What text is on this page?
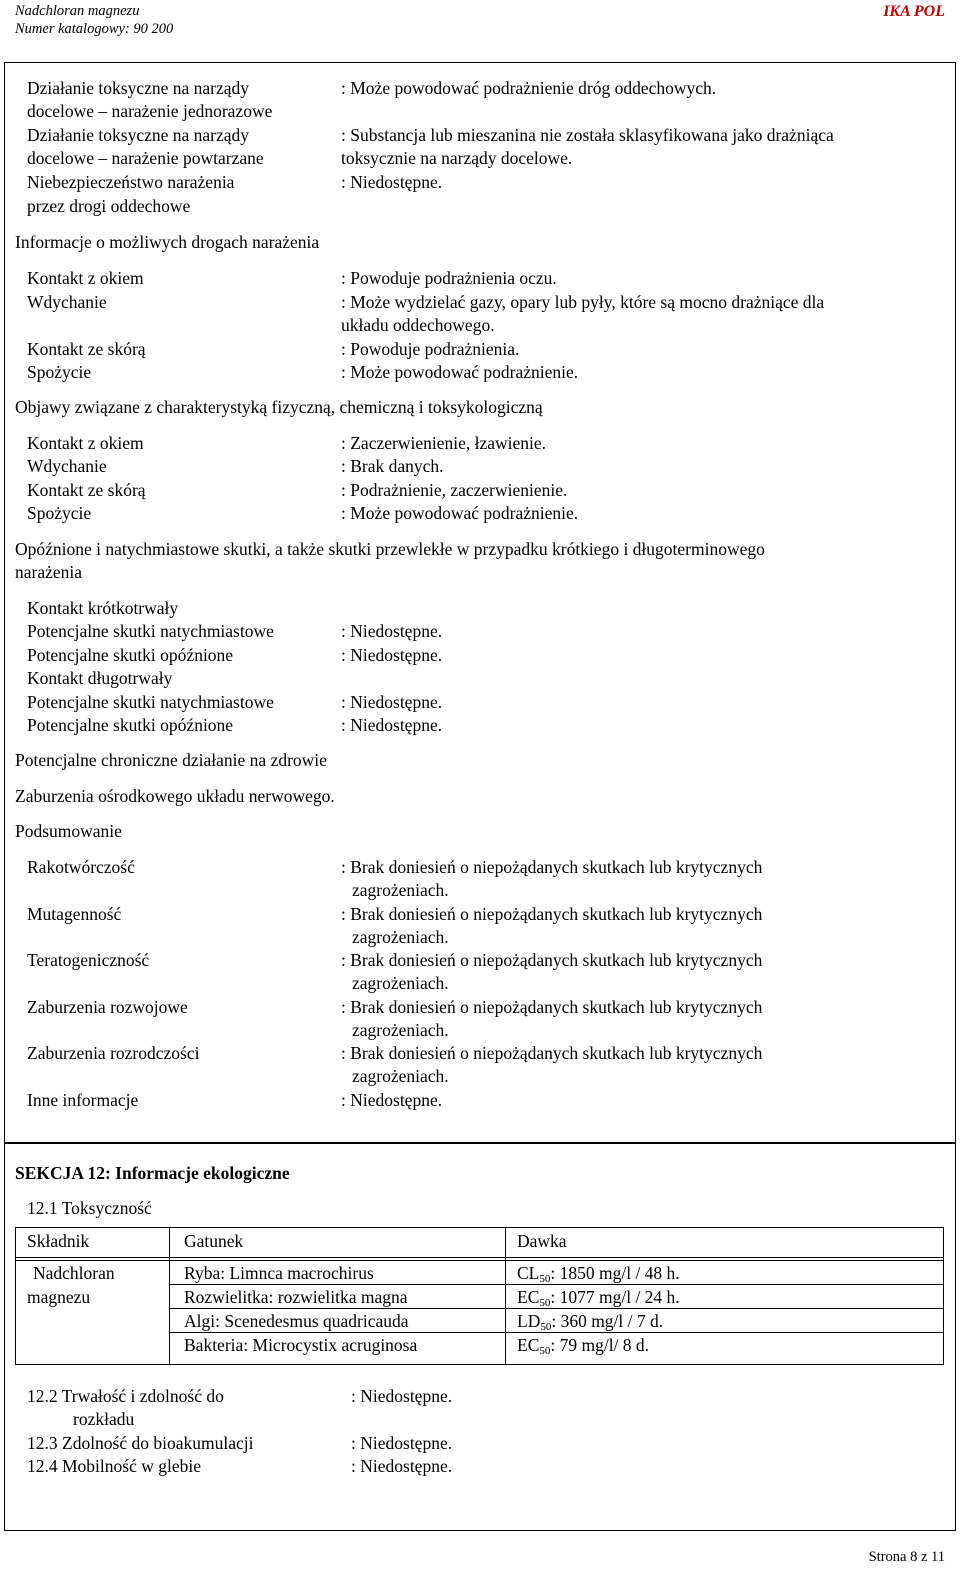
Nadchloran magnezu
Numer katalogowy: 90 200
IKA POL
Działanie toksyczne na narządy
docelowe – narażenie jednorazowe
: Może powodować podrażnienie dróg oddechowych.
Działanie toksyczne na narządy
docelowe – narażenie powtarzane
: Substancja lub mieszanina nie została sklasyfikowana jako drażniąca
toksycznie na narządy docelowe.
Niebezpieczeństwo narażenia
przez drogi oddechowe
: Niedostępne.
Informacje o możliwych drogach narażenia
Kontakt z okiem	: Powoduje podrażnienia oczu.
Wdychanie	: Może wydzielać gazy, opary lub pyły, które są mocno drażniące dla
układu oddechowego.
Kontakt ze skórą	: Powoduje podrażnienia.
Spożycie	: Może powodować podrażnienie.
Objawy związane z charakterystyką fizyczną, chemiczną i toksykologiczną
Kontakt z okiem	: Zaczerwienienie, łzawienie.
Wdychanie	: Brak danych.
Kontakt ze skórą	: Podrażnienie, zaczerwienienie.
Spożycie	: Może powodować podrażnienie.
Opóźnione i natychmiastowe skutki, a także skutki przewlekłe w przypadku krótkiego i długoterminowego
narażenia
Kontakt krótkotrwały
Potencjalne skutki natychmiastowe	: Niedostępne.
Potencjalne skutki opóźnione	: Niedostępne.
Kontakt długotrwały
Potencjalne skutki natychmiastowe	: Niedostępne.
Potencjalne skutki opóźnione	: Niedostępne.
Potencjalne chroniczne działanie na zdrowie
Zaburzenia ośrodkowego układu nerwowego.
Podsumowanie
Rakotwórczość	: Brak doniesień o niepożądanych skutkach lub krytycznych
zagrożeniach.
Mutagenność	: Brak doniesień o niepożądanych skutkach lub krytycznych
zagrożeniach.
Teratogeniczność	: Brak doniesień o niepożądanych skutkach lub krytycznych
zagrożeniach.
Zaburzenia rozwojowe	: Brak doniesień o niepożądanych skutkach lub krytycznych
zagrożeniach.
Zaburzenia rozrodczości	: Brak doniesień o niepożądanych skutkach lub krytycznych
zagrożeniach.
Inne informacje	: Niedostępne.
SEKCJA 12: Informacje ekologiczne
12.1 Toksyczność
Składnik	Gatunek	Dawka
Nadchloran
magnezu
Ryba: Limnca macrochirus	$CL_{50}$: 1850 mg/l / 48 h.
Rozwielitka: rozwielitka magna	$EC_{50}$: 1077 mg/l / 24 h.
Algi: Scenedesmus quadricauda	$LD_{50}$: 360 mg/l / 7 d.
Bakteria: Microcystix acruginosa	$EC_{50}$: 79 mg/l/ 8 d.
12.2 Trwałość i zdolność do
rozkładu
: Niedostępne.
12.3 Zdolność do bioakumulacji	: Niedostępne.
12.4 Mobilność w glebie	: Niedostępne.
Strona 8 z 11
